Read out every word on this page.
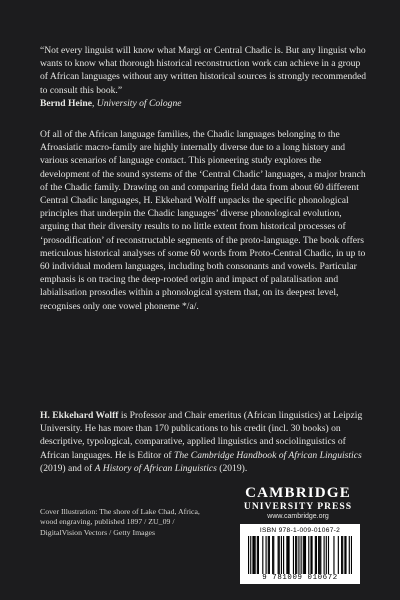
“Not every linguist will know what Margi or Central Chadic is. But any linguist who wants to know what thorough historical reconstruction work can achieve in a group of African languages without any written historical sources is strongly recommended to consult this book.”
Bernd Heine, University of Cologne
Of all of the African language families, the Chadic languages belonging to the Afroasiatic macro-family are highly internally diverse due to a long history and various scenarios of language contact. This pioneering study explores the development of the sound systems of the ‘Central Chadic’ languages, a major branch of the Chadic family. Drawing on and comparing field data from about 60 different Central Chadic languages, H. Ekkehard Wolff unpacks the specific phonological principles that underpin the Chadic languages’ diverse phonological evolution, arguing that their diversity results to no little extent from historical processes of ‘prosodification’ of reconstructable segments of the proto-language. The book offers meticulous historical analyses of some 60 words from Proto-Central Chadic, in up to 60 individual modern languages, including both consonants and vowels. Particular emphasis is on tracing the deep-rooted origin and impact of palatalisation and labialisation prosodies within a phonological system that, on its deepest level, recognises only one vowel phoneme */a/.
H. Ekkehard Wolff is Professor and Chair emeritus (African linguistics) at Leipzig University. He has more than 170 publications to his credit (incl. 30 books) on descriptive, typological, comparative, applied linguistics and sociolinguistics of African languages. He is Editor of The Cambridge Handbook of African Linguistics (2019) and of A History of African Linguistics (2019).
Cover Illustration: The shore of Lake Chad, Africa, wood engraving, published 1897 / ZU_09 / DigitalVision Vectors / Getty Images
CAMBRIDGE
UNIVERSITY PRESS
www.cambridge.org
ISBN 978-1-009-01067-2
9 781009 010672
